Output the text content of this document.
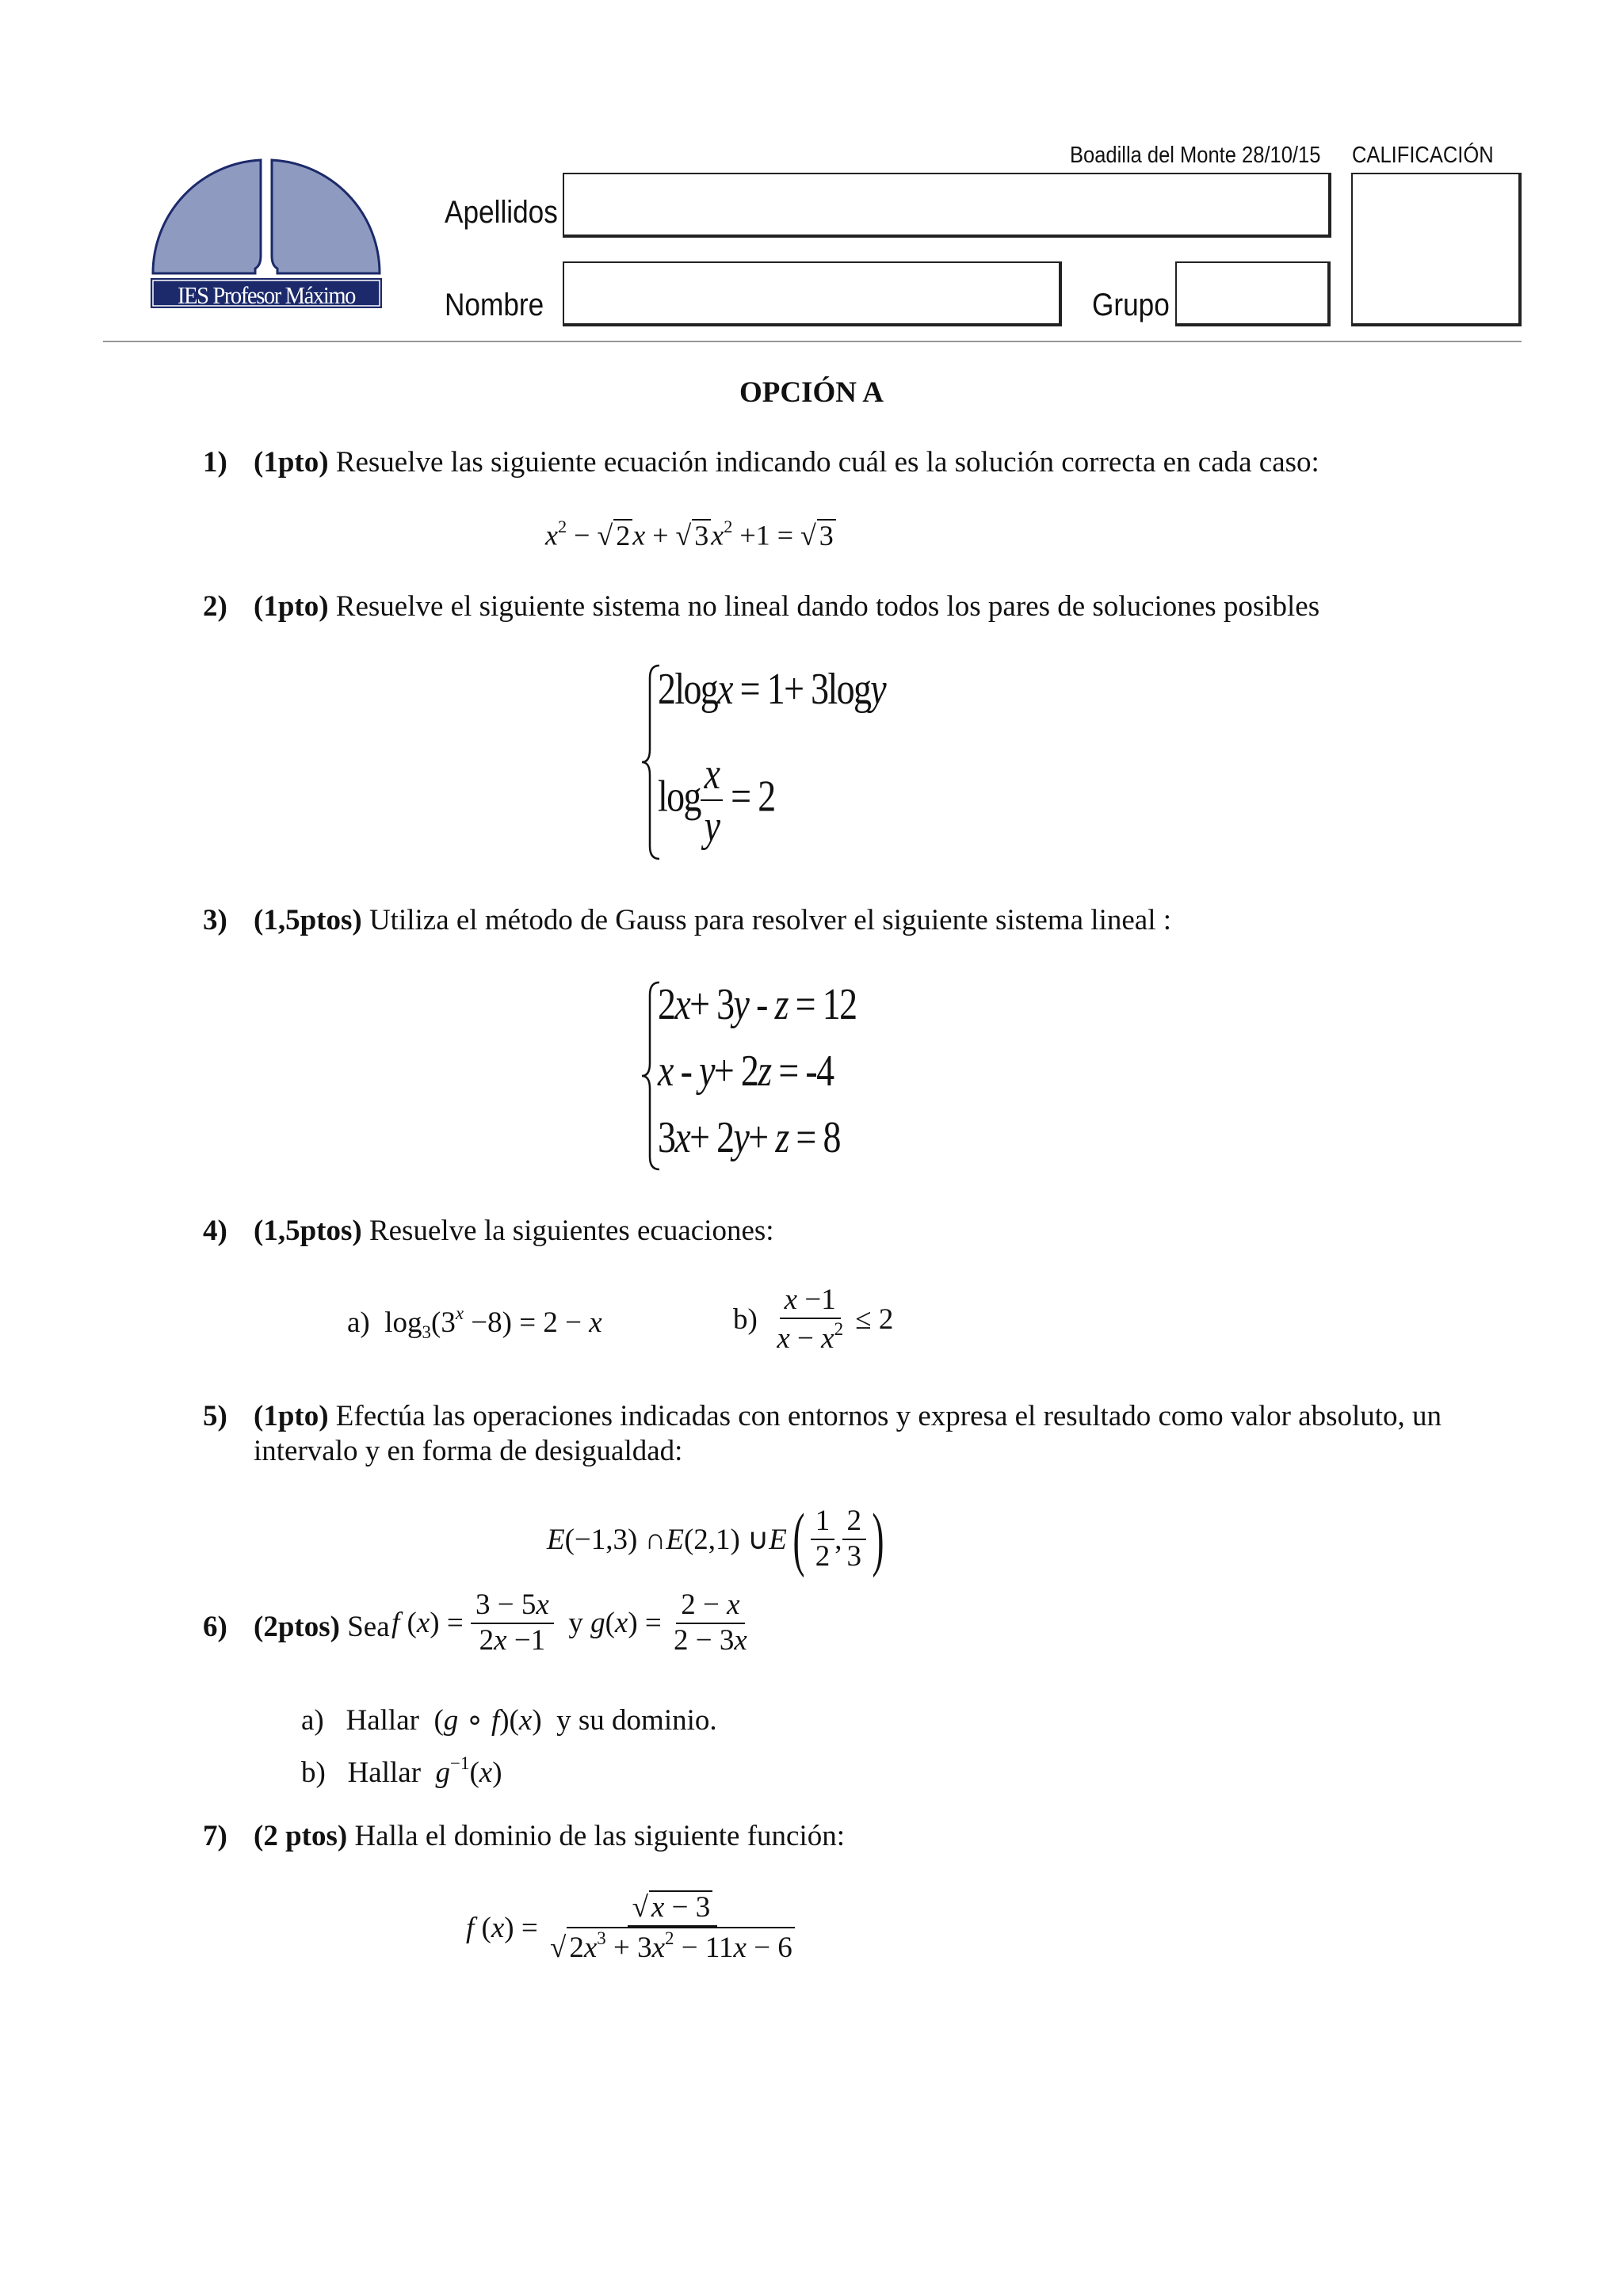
IES Profesor Máximo Trueba
Boadilla del Monte 28/10/15 CALIFICACIÓN
Apellidos
Nombre	Grupo
OPCIÓN A
1) (1pto) Resuelve las siguiente ecuación indicando cuál es la solución correcta en cada caso:
$x^2$ − √ 2x + √ $3x^2 +1$ = √ 3
2) (1pto) Resuelve el siguiente sistema no lineal dando todos los pares de soluciones posibles
2logx = 1+ 3logy
$\log \frac{x}{y} = 2$
3) (1,5ptos) Utiliza el método de Gauss para resolver el siguiente sistema lineal :
2x+ 3y - z = 12
x - y+ 2z = -4
3x+ 2y+ z = 8
4) (1,5ptos) Resuelve la siguientes ecuaciones:
a)  $\log_3(3^x -8) = 2 - x$	b)
$\frac{x -1}{x - x^2} \le 2$
5) (1pto) Efectúa las operaciones indicadas con entornos y expresa el resultado como valor absoluto, un
intervalo y en forma de desigualdad:
E (−1,3) ∩ E (2,1) ∪ E ( $\frac{1}{2}$ , $\frac{2}{3}$ )
6) (2ptos)
Sea f ( x ) = $\frac{3 - 5x}{2x -1}$
y
g ( x ) = $\frac{2 - x}{2 - 3x}$
a) Hallar  (g ∘ f)(x)  y su dominio.
b) Hallar $g^{-1}(x)$
7) (2 ptos) Halla el dominio de las siguiente función:
f ( x ) = $\frac{√ x - 3}{√ 2x^3 + 3x^2 - 11x - 6}$
